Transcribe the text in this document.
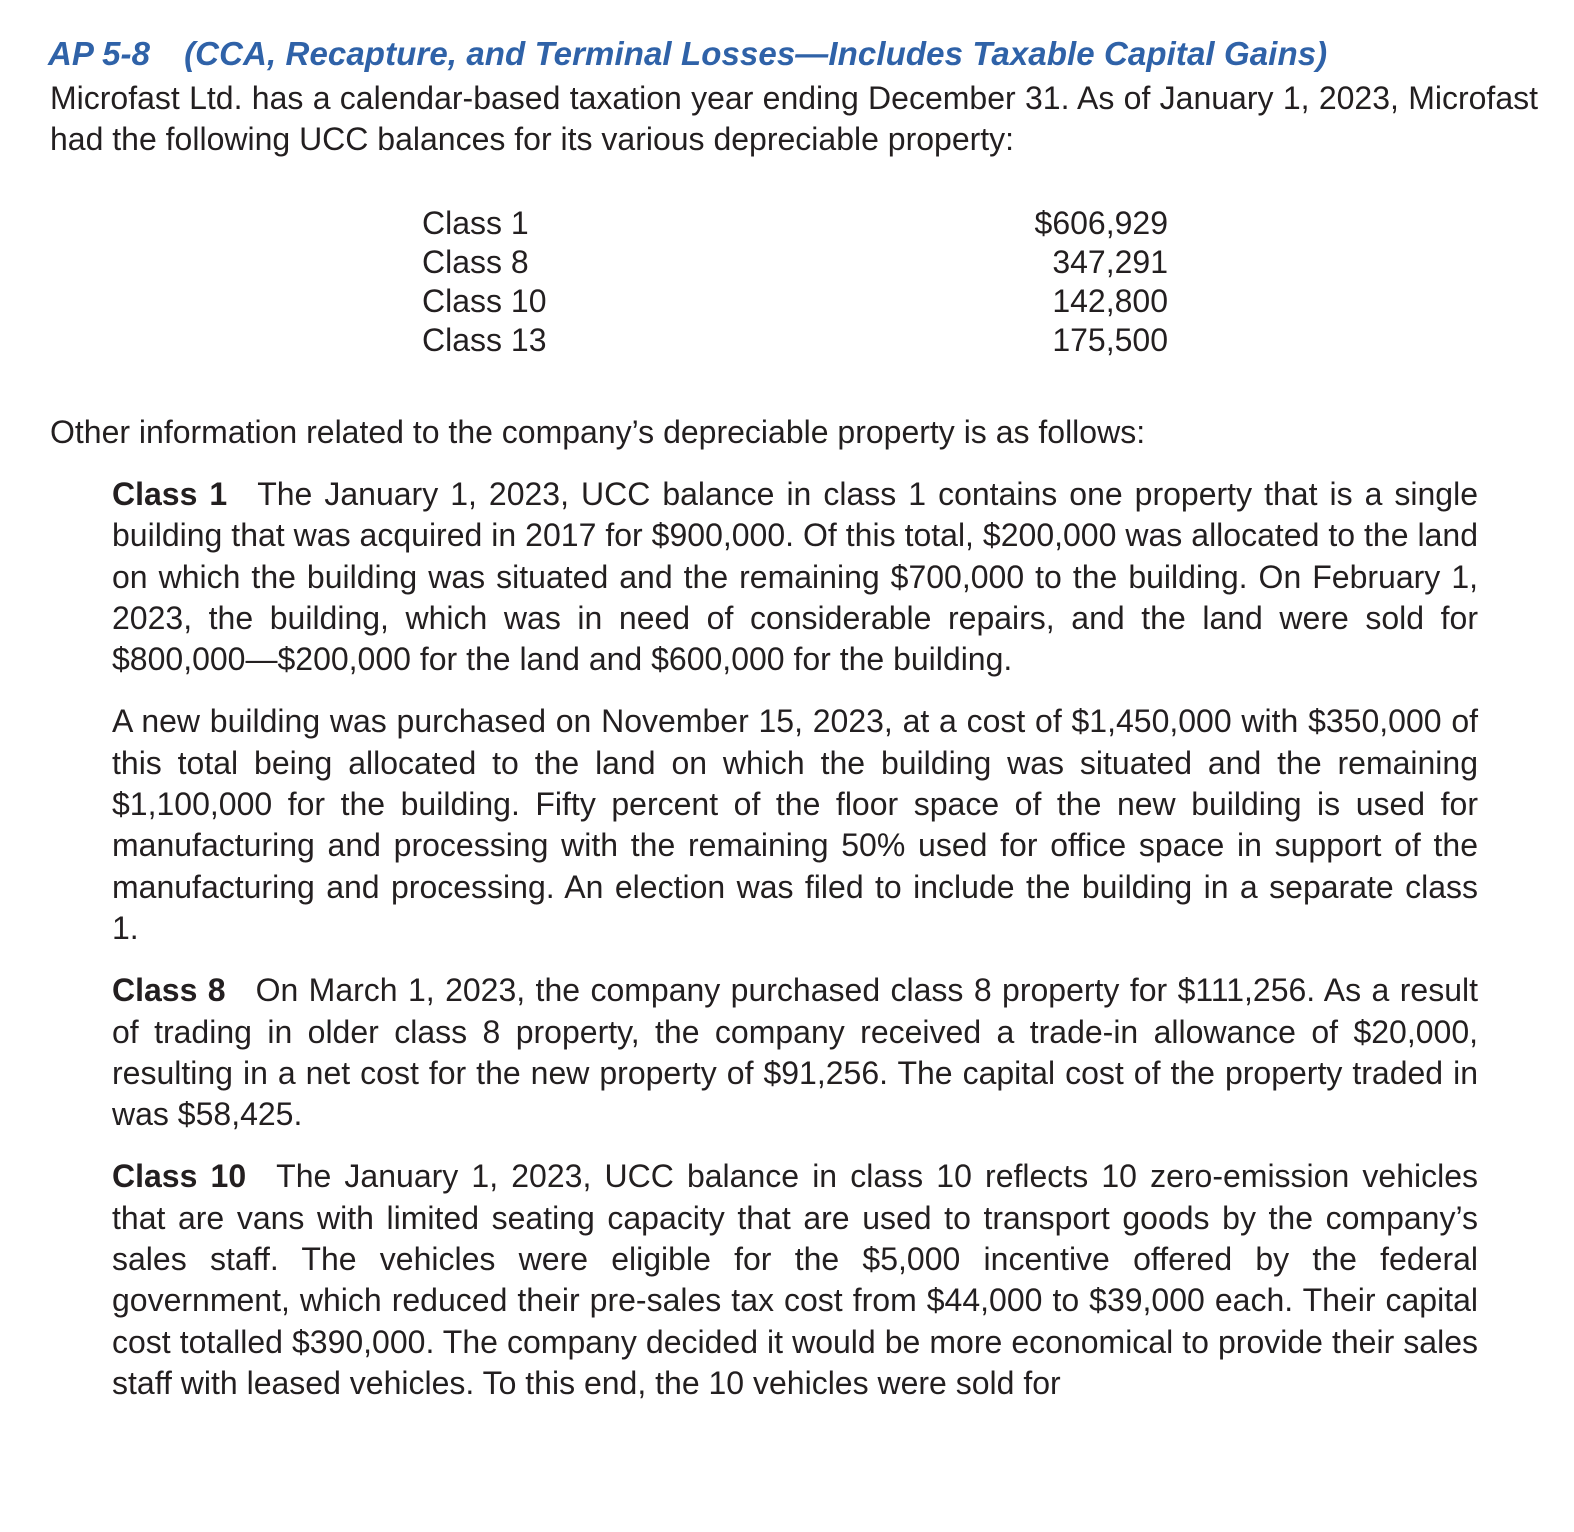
AP 5-8 (CCA, Recapture, and Terminal Losses—Includes Taxable Capital Gains)

Microfast Ltd. has a calendar-based taxation year ending December 31. As of January 1, 2023, Microfast had the following UCC balances for its various depreciable property:

Class 1	$606,929
Class 8	347,291
Class 10	142,800
Class 13	175,500

Other information related to the company’s depreciable property is as follows:

Class 1 The January 1, 2023, UCC balance in class 1 contains one property that is a single building that was acquired in 2017 for $900,000. Of this total, $200,000 was allocated to the land on which the building was situated and the remaining $700,000 to the building. On February 1, 2023, the building, which was in need of considerable repairs, and the land were sold for $800,000—$200,000 for the land and $600,000 for the building.

A new building was purchased on November 15, 2023, at a cost of $1,450,000 with $350,000 of this total being allocated to the land on which the building was situated and the remaining $1,100,000 for the building. Fifty percent of the floor space of the new building is used for manufacturing and processing with the remaining 50% used for office space in support of the manufacturing and processing. An election was filed to include the building in a separate class 1.

Class 8 On March 1, 2023, the company purchased class 8 property for $111,256. As a result of trading in older class 8 property, the company received a trade-in allowance of $20,000, resulting in a net cost for the new property of $91,256. The capital cost of the property traded in was $58,425.

Class 10 The January 1, 2023, UCC balance in class 10 reflects 10 zero-emission vehicles that are vans with limited seating capacity that are used to transport goods by the company’s sales staff. The vehicles were eligible for the $5,000 incentive offered by the federal government, which reduced their pre-sales tax cost from $44,000 to $39,000 each. Their capital cost totalled $390,000. The company decided it would be more economical to provide their sales staff with leased vehicles. To this end, the 10 vehicles were sold for
